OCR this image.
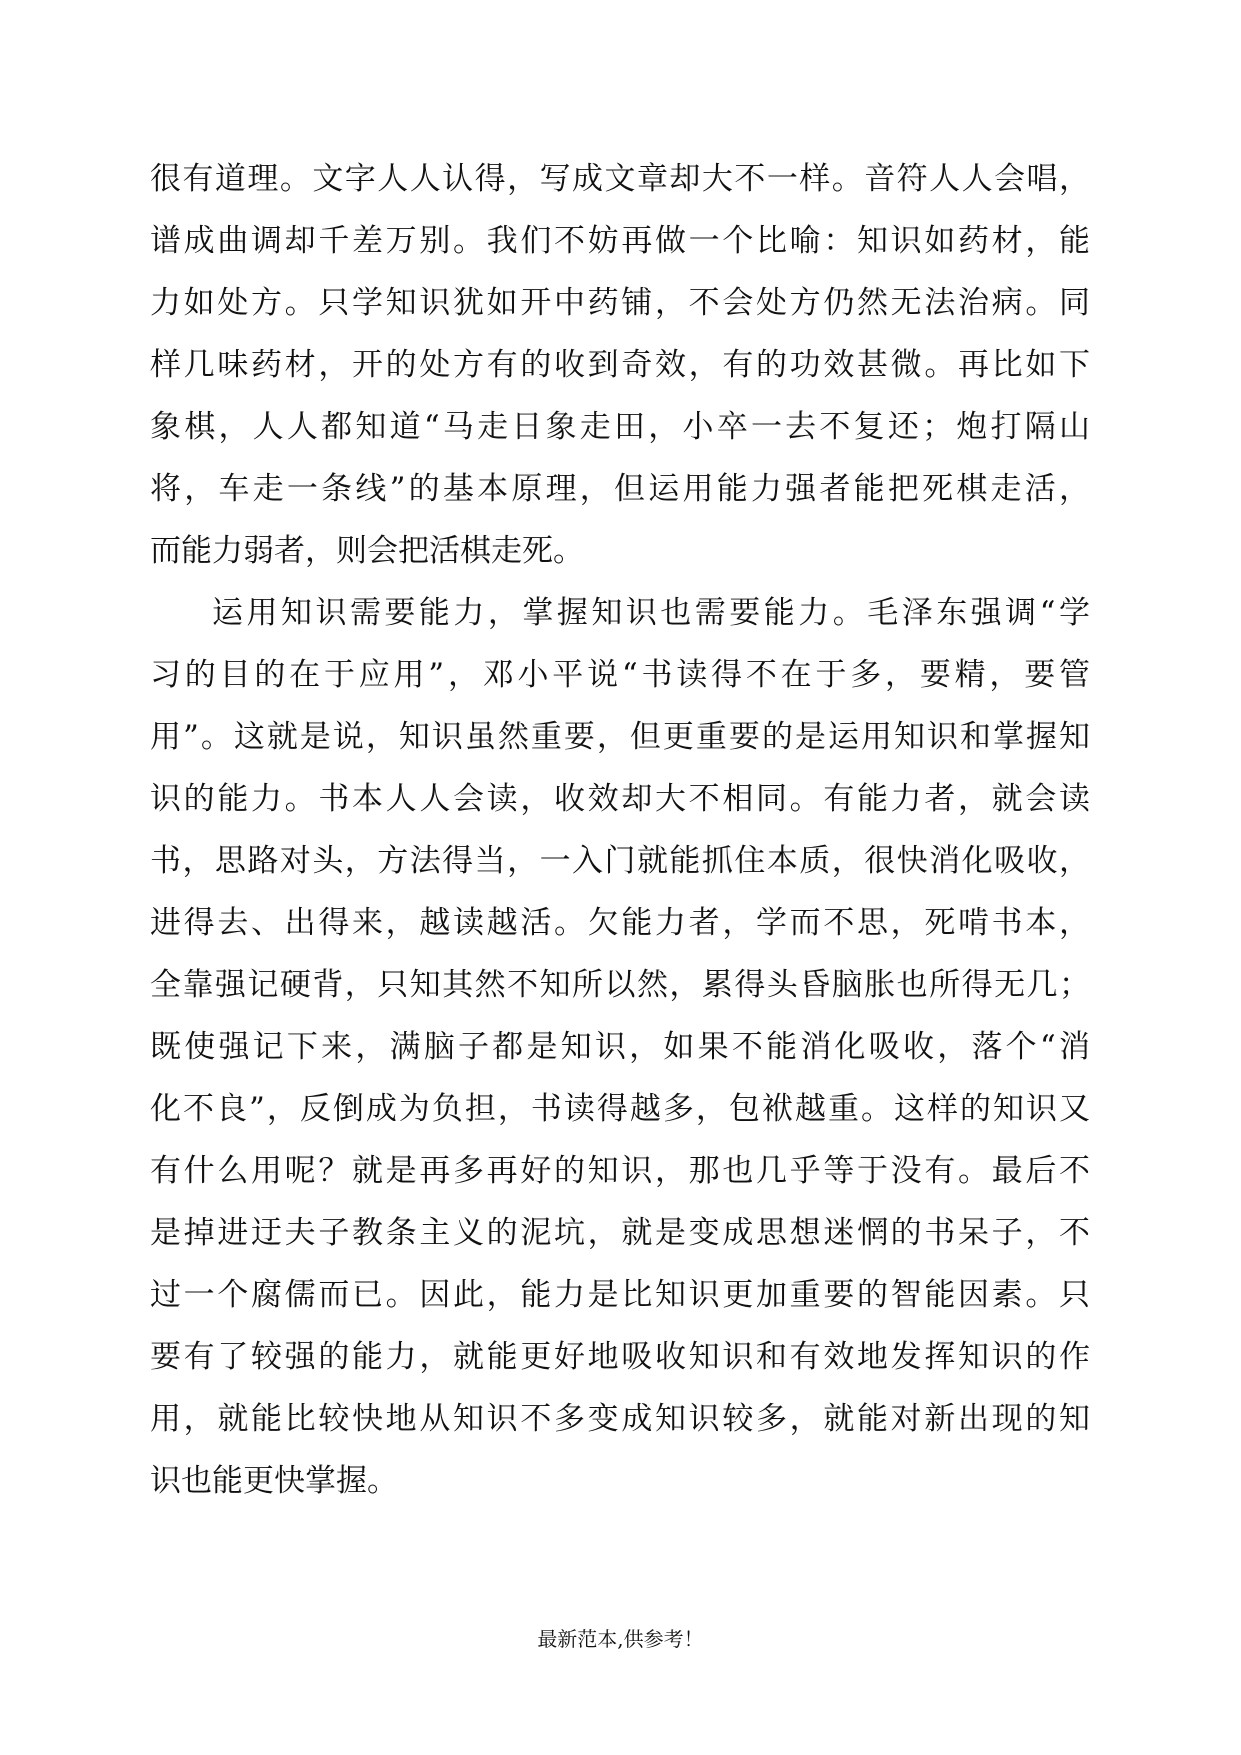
很有道理。文字人人认得，写成文章却大不一样。音符人人会唱，
谱成曲调却千差万别。我们不妨再做一个比喻：知识如药材，能
力如处方。只学知识犹如开中药铺，不会处方仍然无法治病。同
样几味药材，开的处方有的收到奇效，有的功效甚微。再比如下
象棋，人人都知道“马走日象走田，小卒一去不复还；炮打隔山
将，车走一条线”的基本原理，但运用能力强者能把死棋走活，
而能力弱者，则会把活棋走死。
运用知识需要能力，掌握知识也需要能力。毛泽东强调“学
习的目的在于应用”，邓小平说“书读得不在于多，要精，要管
用”。这就是说，知识虽然重要，但更重要的是运用知识和掌握知
识的能力。书本人人会读，收效却大不相同。有能力者，就会读
书，思路对头，方法得当，一入门就能抓住本质，很快消化吸收，
进得去、出得来，越读越活。欠能力者，学而不思，死啃书本，
全靠强记硬背，只知其然不知所以然，累得头昏脑胀也所得无几；
既使强记下来，满脑子都是知识，如果不能消化吸收，落个“消
化不良”，反倒成为负担，书读得越多，包袱越重。这样的知识又
有什么用呢？就是再多再好的知识，那也几乎等于没有。最后不
是掉进迂夫子教条主义的泥坑，就是变成思想迷惘的书呆子，不
过一个腐儒而已。因此，能力是比知识更加重要的智能因素。只
要有了较强的能力，就能更好地吸收知识和有效地发挥知识的作
用，就能比较快地从知识不多变成知识较多，就能对新出现的知
识也能更快掌握。
最新范本,供参考！
